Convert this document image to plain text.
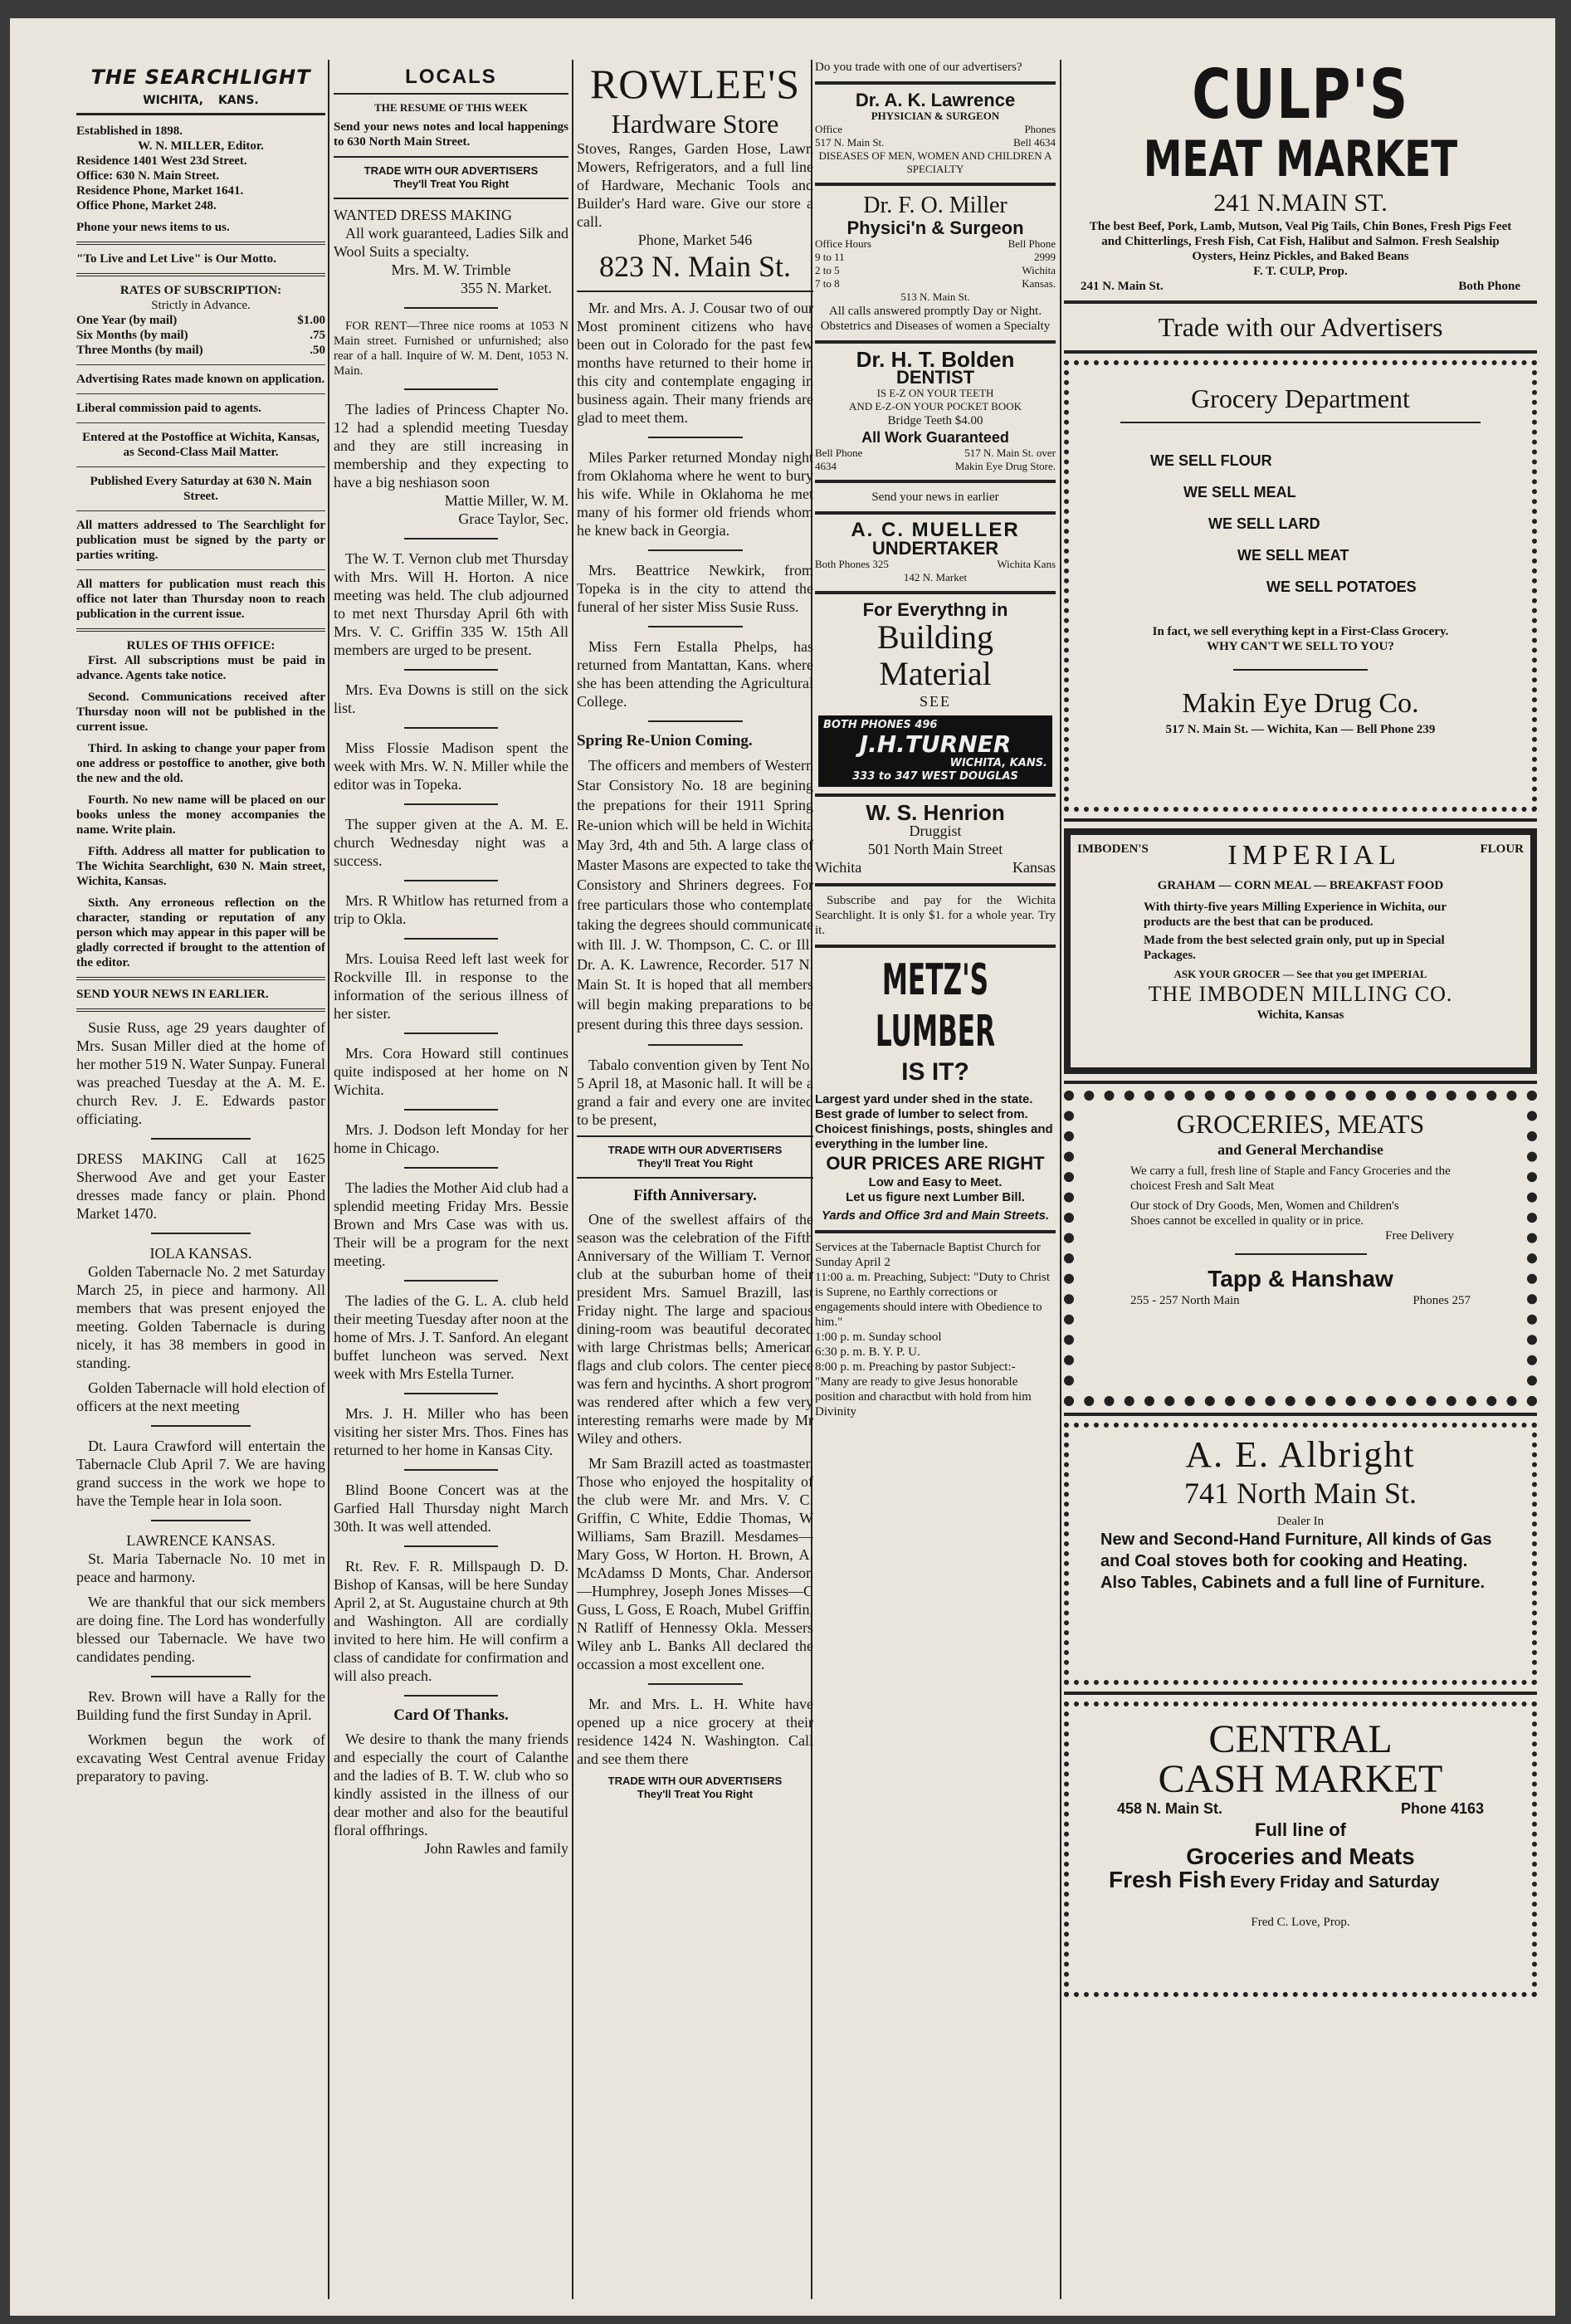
THE SEARCHLIGHT
WICHITA, KANS.
Established in 1898.
W. N. MILLER, Editor.
Residence 1401 West 23d Street.
Office: 630 N. Main Street.
Residence Phone, Market 1641.
Office Phone, Market 248.
Phone your news items to us.
"To Live and Let Live" is Our Motto.
RATES OF SUBSCRIPTION:
Strictly in Advance.
One Year (by mail)	$1.00
Six Months (by mail)	.75
Three Months (by mail)	.50
Advertising Rates made known on application.
Liberal commission paid to agents.
Entered at the Postoffice at Wichita, Kansas, as Second-Class Mail Matter.
Published Every Saturday at 630 N. Main Street.
All matters addressed to The Searchlight for publication must be signed by the party or parties writing.
All matters for publication must reach this office not later than Thursday noon to reach publication in the current issue.
RULES OF THIS OFFICE:

First. All subscriptions must be paid in advance. Agents take notice.

Second. Communications received after Thursday noon will not be published in the current issue.

Third. In asking to change your paper from one address or postoffice to another, give both the new and the old.

Fourth. No new name will be placed on our books unless the money accompanies the name. Write plain.

Fifth. Address all matter for publication to The Wichita Searchlight, 630 N. Main street, Wichita, Kansas.

Sixth. Any erroneous reflection on the character, standing or reputation of any person which may appear in this paper will be gladly corrected if brought to the attention of the editor.

SEND YOUR NEWS IN EARLIER.

Susie Russ, age 29 years daughter of Mrs. Susan Miller died at the home of her mother 519 N. Water Sunpay. Funeral was preached Tuesday at the A. M. E. church Rev. J. E. Edwards pastor officiating.

DRESS MAKING Call at 1625 Sherwood Ave and get your Easter dresses made fancy or plain. Phond Market 1470.

IOLA KANSAS.

Golden Tabernacle No. 2 met Saturday March 25, in piece and harmony. All members that was present enjoyed the meeting. Golden Tabernacle is during nicely, it has 38 members in good in standing.

Golden Tabernacle will hold election of officers at the next meeting

Dt. Laura Crawford will entertain the Tabernacle Club April 7. We are having grand success in the work we hope to have the Temple hear in Iola soon.

LAWRENCE KANSAS.

St. Maria Tabernacle No. 10 met in peace and harmony.

We are thankful that our sick members are doing fine. The Lord has wonderfully blessed our Tabernacle. We have two candidates pending.

Rev. Brown will have a Rally for the Building fund the first Sunday in April.

Workmen begun the work of excavating West Central avenue Friday preparatory to paving.

LOCALS
THE RESUME OF THIS WEEK
Send your news notes and local happenings to 630 North Main Street.
TRADE WITH OUR ADVERTISERS
They'll Treat You Right
WANTED DRESS MAKING

All work guaranteed, Ladies Silk and Wool Suits a specialty.

Mrs. M. W. Trimble
355 N. Market.

FOR RENT—Three nice rooms at 1053 N Main street. Furnished or unfurnished; also rear of a hall. Inquire of W. M. Dent, 1053 N. Main.

The ladies of Princess Chapter No. 12 had a splendid meeting Tuesday and they are still increasing in membership and they expecting to have a big neshiason soon

Mattie Miller, W. M.
Grace Taylor, Sec.

The W. T. Vernon club met Thursday with Mrs. Will H. Horton. A nice meeting was held. The club adjourned to met next Thursday April 6th with Mrs. V. C. Griffin 335 W. 15th All members are urged to be present.

Mrs. Eva Downs is still on the sick list.

Miss Flossie Madison spent the week with Mrs. W. N. Miller while the editor was in Topeka.

The supper given at the A. M. E. church Wednesday night was a success.

Mrs. R Whitlow has returned from a trip to Okla.

Mrs. Louisa Reed left last week for Rockville Ill. in response to the information of the serious illness of her sister.

Mrs. Cora Howard still continues quite indisposed at her home on N Wichita.

Mrs. J. Dodson left Monday for her home in Chicago.

The ladies the Mother Aid club had a splendid meeting Friday Mrs. Bessie Brown and Mrs Case was with us. Their will be a program for the next meeting.

The ladies of the G. L. A. club held their meeting Tuesday after noon at the home of Mrs. J. T. Sanford. An elegant buffet luncheon was served. Next week with Mrs Estella Turner.

Mrs. J. H. Miller who has been visiting her sister Mrs. Thos. Fines has returned to her home in Kansas City.

Blind Boone Concert was at the Garfied Hall Thursday night March 30th. It was well attended.

Rt. Rev. F. R. Millspaugh D. D. Bishop of Kansas, will be here Sunday April 2, at St. Augustaine church at 9th and Washington. All are cordially invited to here him. He will confirm a class of candidate for confirmation and will also preach.

Card Of Thanks.

We desire to thank the many friends and especially the court of Calanthe and the ladies of B. T. W. club who so kindly assisted in the illness of our dear mother and also for the beautiful floral offhrings.

John Rawles and family
ROWLEE'S
Hardware Store

Stoves, Ranges, Garden Hose, Lawn Mowers, Refrigerators, and a full line of Hardware, Mechanic Tools and Builder's Hard ware. Give our store a call.

Phone, Market 546
823 N. Main St.

Mr. and Mrs. A. J. Cousar two of our Most prominent citizens who have been out in Colorado for the past few months have returned to their home in this city and contemplate engaging in business again. Their many friends are glad to meet them.

Miles Parker returned Monday night from Oklahoma where he went to bury his wife. While in Oklahoma he met many of his former old friends whom he knew back in Georgia.

Mrs. Beattrice Newkirk, from Topeka is in the city to attend the funeral of her sister Miss Susie Russ.

Miss Fern Estalla Phelps, has returned from Mantattan, Kans. where she has been attending the Agricultural College.

Spring Re-Union Coming.

The officers and members of Western Star Consistory No. 18 are begining the prepations for their 1911 Spring Re-union which will be held in Wichita May 3rd, 4th and 5th. A large class of Master Masons are expected to take the Consistory and Shriners degrees. For free particulars those who contemplate taking the degrees should communicate with Ill. J. W. Thompson, C. C. or Ill. Dr. A. K. Lawrence, Recorder. 517 N. Main St. It is hoped that all members will begin making preparations to be present during this three days session.

Tabalo convention given by Tent No. 5 April 18, at Masonic hall. It will be a grand a fair and every one are invited to be present,

TRADE WITH OUR ADVERTISERS
They'll Treat You Right
Fifth Anniversary.

One of the swellest affairs of the season was the celebration of the Fifth Anniversary of the William T. Vernon club at the suburban home of their president Mrs. Samuel Brazill, last Friday night. The large and spacious dining-room was beautiful decorated with large Christmas bells; American flags and club colors. The center piece was fern and hycinths. A short progrom was rendered after which a few very interesting remarhs were made by Mr Wiley and others.

Mr Sam Brazill acted as toastmaster. Those who enjoyed the hospitality of the club were Mr. and Mrs. V. C. Griffin, C White, Eddie Thomas, W Williams, Sam Brazill. Mesdames—Mary Goss, W Horton. H. Brown, A. McAdamss D Monts, Char. Anderson—Humphrey, Joseph Jones Misses—C Guss, L Goss, E Roach, Mubel Griffin, N Ratliff of Hennessy Okla. Messers Wiley anb L. Banks All declared the occassion a most excellent one.

Mr. and Mrs. L. H. White have opened up a nice grocery at their residence 1424 N. Washington. Call and see them there

TRADE WITH OUR ADVERTISERS
They'll Treat You Right
Do you trade with one of our advertisers?
Dr. A. K. Lawrence
PHYSICIAN & SURGEON
Office	Phones
517 N. Main St.	Bell 4634
DISEASES OF MEN, WOMEN AND CHILDREN A SPECIALTY
Dr. F. O. Miller
Physici'n & Surgeon
Office Hours	Bell Phone
9 to 11	2999
2 to 5	Wichita
7 to 8	Kansas.
513 N. Main St.
All calls answered promptly Day or Night. Obstetrics and Diseases of women a Specialty
Dr. H. T. Bolden
DENTIST
IS E-Z ON YOUR TEETH
AND E-Z-ON YOUR POCKET BOOK
Bridge Teeth $4.00
All Work Guaranteed
Bell Phone	517 N. Main St. over
4634	Makin Eye Drug Store.
Send your news in earlier
A. C. MUELLER
UNDERTAKER
Both Phones 325	Wichita Kans
142 N. Market
For Everythng in
Building
Material
SEE
BOTH PHONES 496
J.H.TURNER
WICHITA, KANS.
333 to 347 WEST DOUGLAS
W. S. Henrion
Druggist
501 North Main Street
Wichita	Kansas

Subscribe and pay for the Wichita Searchlight. It is only $1. for a whole year. Try it.

METZ'S
LUMBER
IS IT?
Largest yard under shed in the state.
Best grade of lumber to select from.
Choicest finishings, posts, shingles and everything in the lumber line.
OUR PRICES ARE RIGHT
Low and Easy to Meet.
Let us figure next Lumber Bill.
Yards and Office 3rd and Main Streets.
Services at the Tabernacle Baptist Church for Sunday April 2
11:00 a. m. Preaching, Subject: "Duty to Christ is Suprene, no Earthly corrections or engagements should intere with Obedience to him."
1:00 p. m. Sunday school
6:30 p. m. B. Y. P. U.
8:00 p. m. Preaching by pastor Subject:-
"Many are ready to give Jesus honorable position and charactbut with hold from him Divinity
CULP'S
MEAT MARKET
241 N.MAIN ST.
The best Beef, Pork, Lamb, Mutson, Veal Pig Tails, Chin Bones, Fresh Pigs Feet and Chitterlings, Fresh Fish, Cat Fish, Halibut and Salmon. Fresh Sealship Oysters, Heinz Pickles, and Baked Beans
F. T. CULP, Prop.
241 N. Main St.	Both Phone
Trade with our Advertisers
Grocery Department
WE SELL FLOUR
WE SELL MEAL
WE SELL LARD
WE SELL MEAT
WE SELL POTATOES
In fact, we sell everything kept in a First-Class Grocery.
WHY CAN'T WE SELL TO YOU?
Makin Eye Drug Co.
517 N. Main St. — Wichita, Kan — Bell Phone 239
IMBODEN'S	IMPERIAL	FLOUR
GRAHAM — CORN MEAL — BREAKFAST FOOD
With thirty-five years Milling Experience in Wichita, our products are the best that can be produced.
Made from the best selected grain only, put up in Special Packages.
ASK YOUR GROCER — See that you get IMPERIAL
THE IMBODEN MILLING CO.
Wichita, Kansas
GROCERIES, MEATS
and General Merchandise
We carry a full, fresh line of Staple and Fancy Groceries and the choicest Fresh and Salt Meat
Our stock of Dry Goods, Men, Women and Children's Shoes cannot be excelled in quality or in price.
Free Delivery
Tapp & Hanshaw
255 - 257 North Main	Phones 257
A. E. Albright
741 North Main St.
Dealer In
New and Second-Hand Furniture, All kinds of Gas and Coal stoves both for cooking and Heating. Also Tables, Cabinets and a full line of Furniture.
CENTRAL
CASH MARKET
458 N. Main St.	Phone 4163
Full line of
Groceries and Meats
Fresh Fish Every Friday and Saturday
Fred C. Love, Prop.
